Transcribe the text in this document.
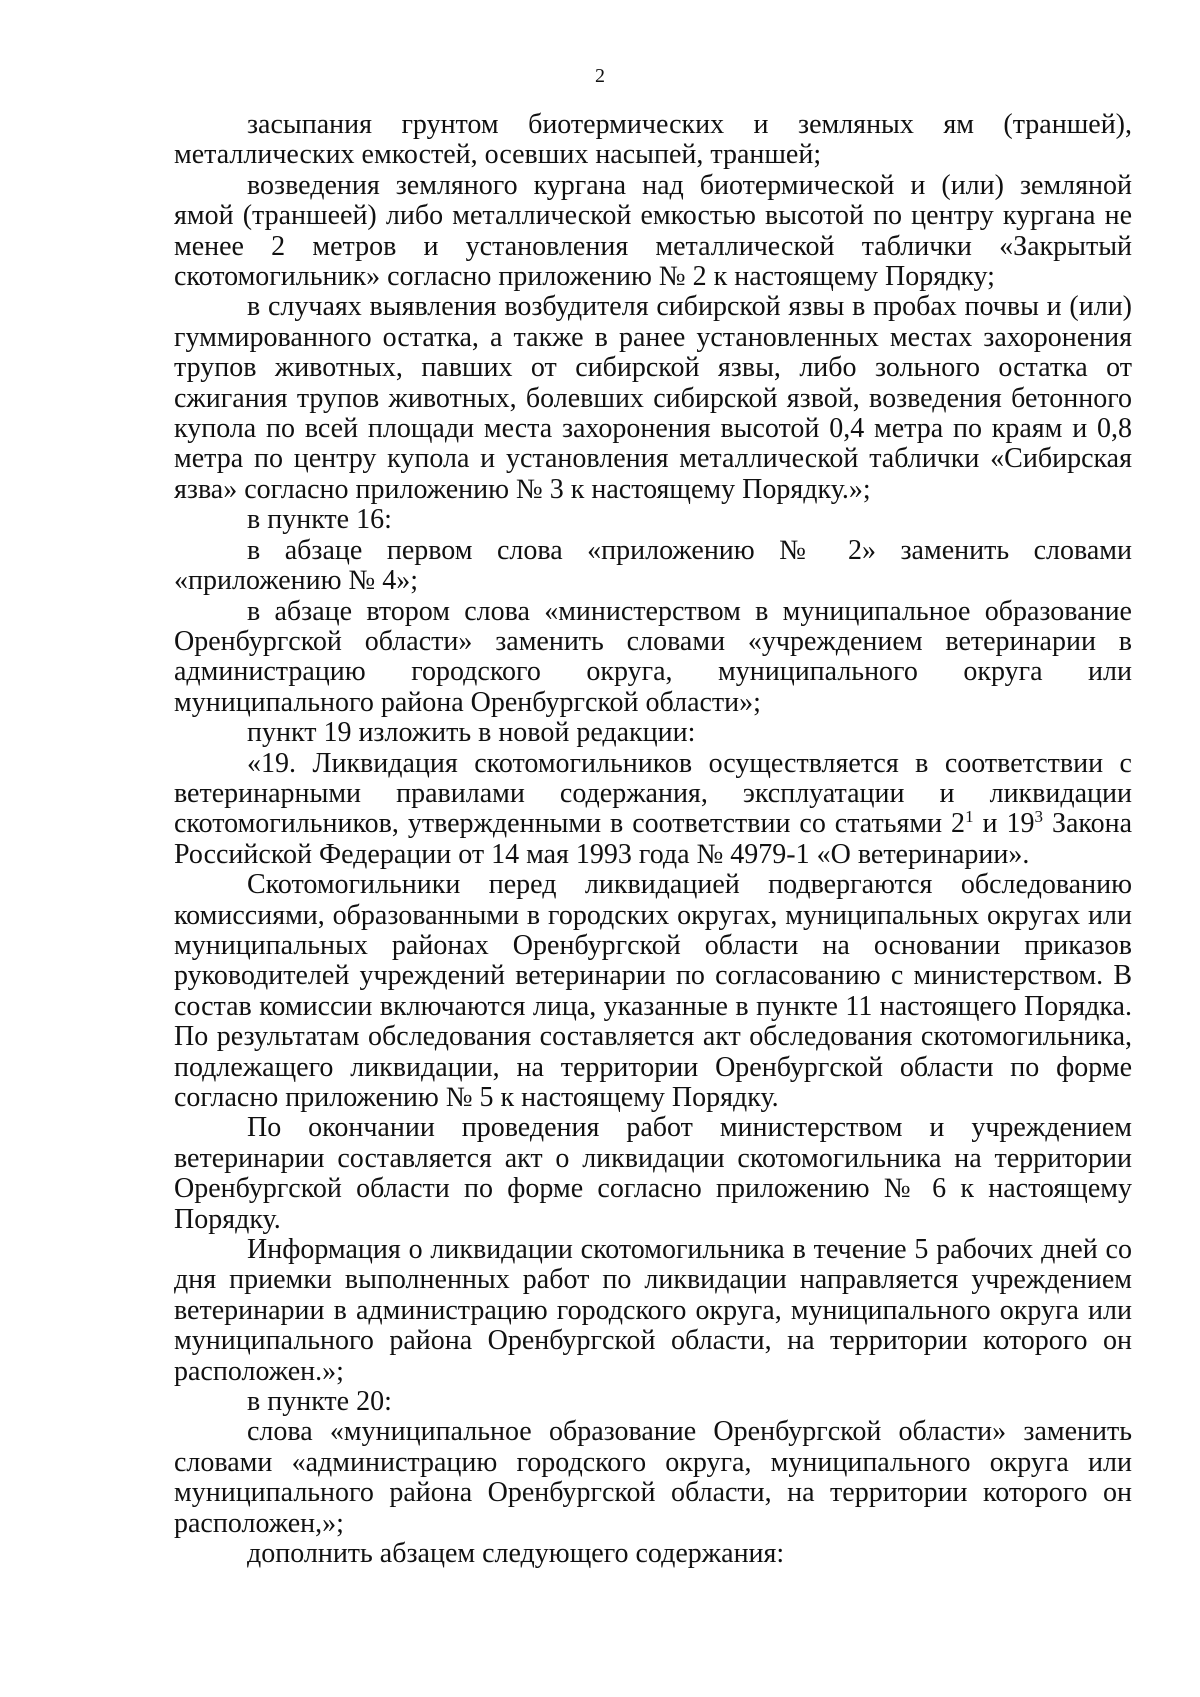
2

засыпания грунтом биотермических и земляных ям (траншей), металлических емкостей, осевших насыпей, траншей;

возведения земляного кургана над биотермической и (или) земляной ямой (траншеей) либо металлической емкостью высотой по центру кургана не менее 2 метров и установления металлической таблички «Закрытый скотомогильник» согласно приложению № 2 к настоящему Порядку;

в случаях выявления возбудителя сибирской язвы в пробах почвы и (или) гуммированного остатка, а также в ранее установленных местах захоронения трупов животных, павших от сибирской язвы, либо зольного остатка от сжигания трупов животных, болевших сибирской язвой, возведения бетонного купола по всей площади места захоронения высотой 0,4 метра по краям и 0,8 метра по центру купола и установления металлической таблички «Сибирская язва» согласно приложению № 3 к настоящему Порядку.»;

в пункте 16:

в абзаце первом слова «приложению № 2» заменить словами «приложению № 4»;

в абзаце втором слова «министерством в муниципальное образование Оренбургской области» заменить словами «учреждением ветеринарии в администрацию городского округа, муниципального округа или муниципального района Оренбургской области»;

пункт 19 изложить в новой редакции:

«19. Ликвидация скотомогильников осуществляется в соответствии с ветеринарными правилами содержания, эксплуатации и ликвидации скотомогильников, утвержденными в соответствии со статьями $2^1$ и $19^3$ Закона Российской Федерации от 14 мая 1993 года № 4979-1 «О ветеринарии».

Скотомогильники перед ликвидацией подвергаются обследованию комиссиями, образованными в городских округах, муниципальных округах или муниципальных районах Оренбургской области на основании приказов руководителей учреждений ветеринарии по согласованию с министерством. В состав комиссии включаются лица, указанные в пункте 11 настоящего Порядка. По результатам обследования составляется акт обследования скотомогильника, подлежащего ликвидации, на территории Оренбургской области по форме согласно приложению № 5 к настоящему Порядку.

По окончании проведения работ министерством и учреждением ветеринарии составляется акт о ликвидации скотомогильника на территории Оренбургской области по форме согласно приложению № 6 к настоящему Порядку.

Информация о ликвидации скотомогильника в течение 5 рабочих дней со дня приемки выполненных работ по ликвидации направляется учреждением ветеринарии в администрацию городского округа, муниципального округа или муниципального района Оренбургской области, на территории которого он расположен.»;

в пункте 20:

слова «муниципальное образование Оренбургской области» заменить словами «администрацию городского округа, муниципального округа или муниципального района Оренбургской области, на территории которого он расположен,»;

дополнить абзацем следующего содержания:
